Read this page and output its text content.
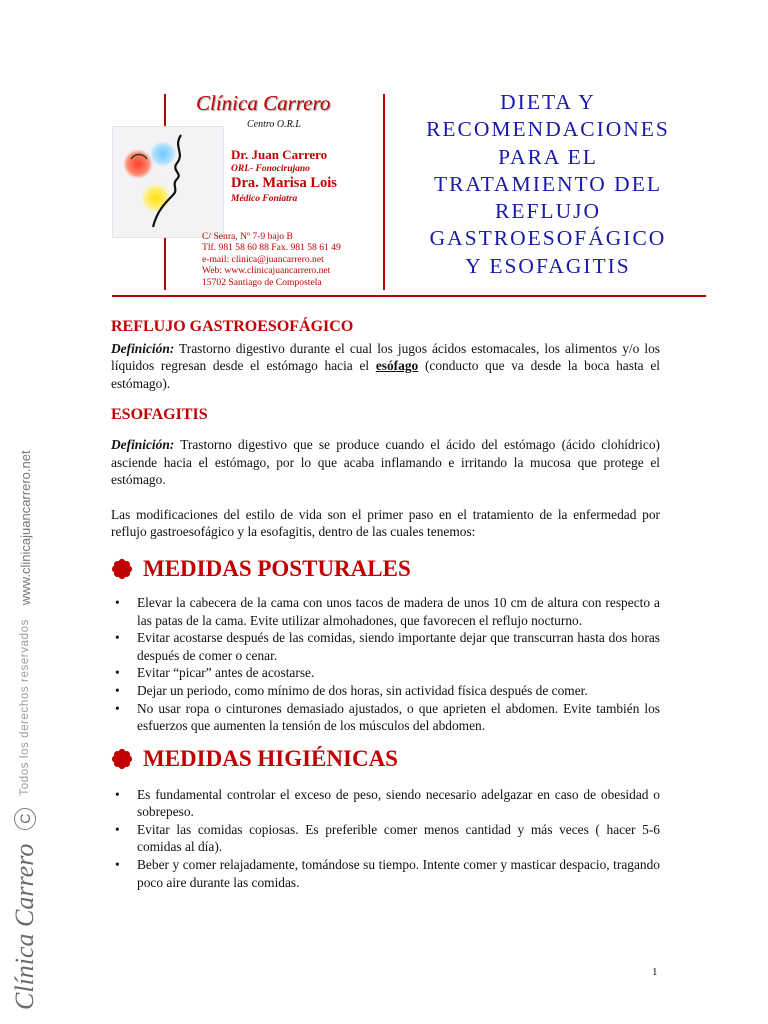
Clínica Carrero C Todos los derechos reservados www.clinicajuancarrero.net
Clínica Carrero
Centro O.R.L
Dr. Juan Carrero
ORL- Fonocirujano
Dra. Marisa Lois
Médico Foniatra
C/ Senra, Nº 7-9 bajo B
Tlf. 981 58 60 88 Fax. 981 58 61 49
e-mail: clinica@juancarrero.net
Web: www.clinicajuancarrero.net
15702 Santiago de Compostela
DIETA Y
RECOMENDACIONES
PARA EL
TRATAMIENTO DEL
REFLUJO
GASTROESOFÁGICO
Y ESOFAGITIS
REFLUJO GASTROESOFÁGICO

Definición: Trastorno digestivo durante el cual los jugos ácidos estomacales, los alimentos y/o los líquidos regresan desde el estómago hacia el esófago (conducto que va desde la boca hasta el estómago).

ESOFAGITIS

Definición: Trastorno digestivo que se produce cuando el ácido del estómago (ácido clohídrico) asciende hacia el estómago, por lo que acaba inflamando e irritando la mucosa que protege el estómago.

Las modificaciones del estilo de vida son el primer paso en el tratamiento de la enfermedad por reflujo gastroesofágico y la esofagitis, dentro de las cuales tenemos:

MEDIDAS POSTURALES
• Elevar la cabecera de la cama con unos tacos de madera de unos 10 cm de altura con respecto a las patas de la cama. Evite utilizar almohadones, que favorecen el reflujo nocturno.
• Evitar acostarse después de las comidas, siendo importante dejar que transcurran hasta dos horas después de comer o cenar.
• Evitar “picar” antes de acostarse.
• Dejar un periodo, como mínimo de dos horas, sin actividad física después de comer.
• No usar ropa o cinturones demasiado ajustados, o que aprieten el abdomen. Evite también los esfuerzos que aumenten la tensión de los músculos del abdomen.
MEDIDAS HIGIÉNICAS
• Es fundamental controlar el exceso de peso, siendo necesario adelgazar en caso de obesidad o sobrepeso.
• Evitar las comidas copiosas. Es preferible comer menos cantidad y más veces ( hacer 5-6 comidas al día).
• Beber y comer relajadamente, tomándose su tiempo. Intente comer y masticar despacio, tragando poco aire durante las comidas.
1
